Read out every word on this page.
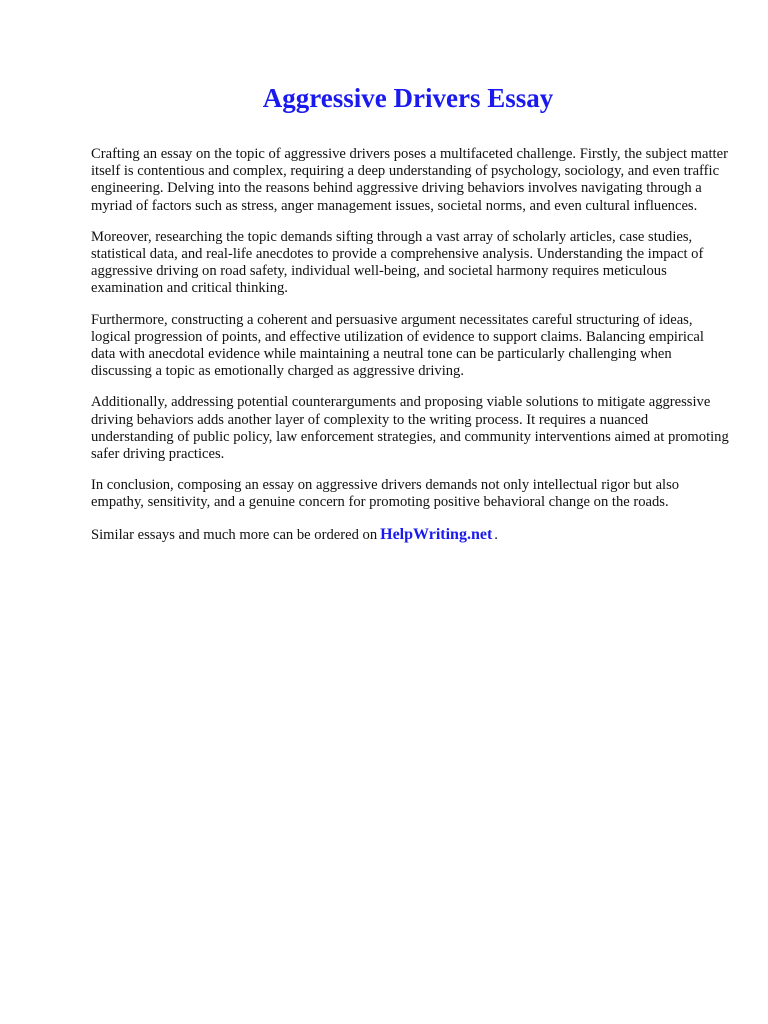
Aggressive Drivers Essay

Crafting an essay on the topic of aggressive drivers poses a multifaceted challenge. Firstly, the subject matter itself is contentious and complex, requiring a deep understanding of psychology, sociology, and even traffic engineering. Delving into the reasons behind aggressive driving behaviors involves navigating through a myriad of factors such as stress, anger management issues, societal norms, and even cultural influences.

Moreover, researching the topic demands sifting through a vast array of scholarly articles, case studies, statistical data, and real-life anecdotes to provide a comprehensive analysis. Understanding the impact of aggressive driving on road safety, individual well-being, and societal harmony requires meticulous examination and critical thinking.

Furthermore, constructing a coherent and persuasive argument necessitates careful structuring of ideas, logical progression of points, and effective utilization of evidence to support claims. Balancing empirical data with anecdotal evidence while maintaining a neutral tone can be particularly challenging when discussing a topic as emotionally charged as aggressive driving.

Additionally, addressing potential counterarguments and proposing viable solutions to mitigate aggressive driving behaviors adds another layer of complexity to the writing process. It requires a nuanced understanding of public policy, law enforcement strategies, and community interventions aimed at promoting safer driving practices.

In conclusion, composing an essay on aggressive drivers demands not only intellectual rigor but also empathy, sensitivity, and a genuine concern for promoting positive behavioral change on the roads.

Similar essays and much more can be ordered on HelpWriting.net .
